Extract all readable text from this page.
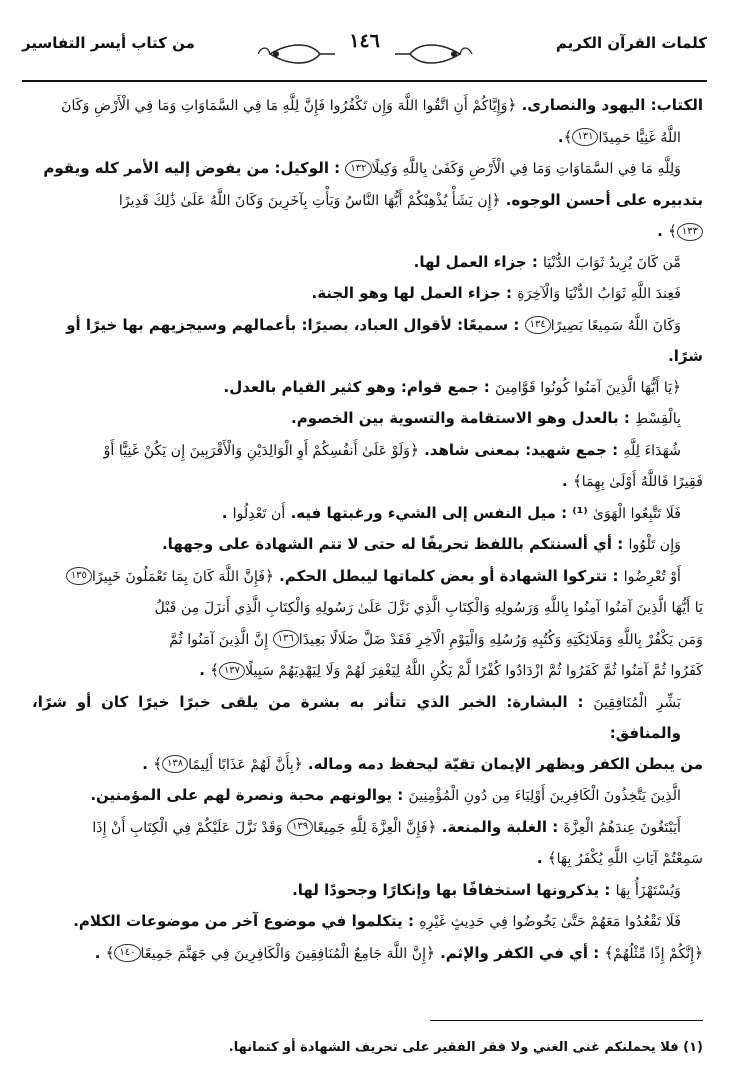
كلمات القرآن الكريم
١٤٦
من كتاب أيسر التفاسير

الكتاب: اليهود والنصارى. ﴿وَإِيَّاكُمْ أَنِ اتَّقُوا اللَّهَ وَإِن تَكْفُرُوا فَإِنَّ لِلَّهِ مَا فِي السَّمَاوَاتِ وَمَا فِي الْأَرْضِ وَكَانَ

اللَّهُ غَنِيًّا حَمِيدًا١٣١﴾.

وَلِلَّهِ مَا فِي السَّمَاوَاتِ وَمَا فِي الْأَرْضِ وَكَفَىٰ بِاللَّهِ وَكِيلًا١٣٢ : الوكيل: من يفوض إليه الأمر كله ويقوم

بتدبيره على أحسن الوجوه. ﴿إِن يَشَأْ يُذْهِبْكُمْ أَيُّهَا النَّاسُ وَيَأْتِ بِآخَرِينَ وَكَانَ اللَّهُ عَلَىٰ ذَٰلِكَ قَدِيرًا

١٣٣﴾ .

مَّن كَانَ يُرِيدُ ثَوَابَ الدُّنْيَا : جزاء العمل لها.

فَعِندَ اللَّهِ ثَوَابُ الدُّنْيَا وَالْآخِرَةِ : جزاء العمل لها وهو الجنة.

وَكَانَ اللَّهُ سَمِيعًا بَصِيرًا١٣٤ : سميعًا: لأقوال العباد، بصيرًا: بأعمالهم وسيجزيهم بها خيرًا أو

شرًا.

﴿يَا أَيُّهَا الَّذِينَ آمَنُوا كُونُوا قَوَّامِينَ : جمع قوام: وهو كثير القيام بالعدل.

بِالْقِسْطِ : بالعدل وهو الاستقامة والتسوية بين الخصوم.

شُهَدَاءَ لِلَّهِ : جمع شهيد: بمعنى شاهد. ﴿وَلَوْ عَلَىٰ أَنفُسِكُمْ أَوِ الْوَالِدَيْنِ وَالْأَقْرَبِينَ إِن يَكُنْ غَنِيًّا أَوْ

فَقِيرًا فَاللَّهُ أَوْلَىٰ بِهِمَا﴾ .

فَلَا تَتَّبِعُوا الْهَوَىٰ ⁽¹⁾ : ميل النفس إلى الشيء ورغبتها فيه. أَن تَعْدِلُوا .

وَإِن تَلْوُوا : أي ألسنتكم باللفظ تحريفًا له حتى لا تتم الشهادة على وجهها.

أَوْ تُعْرِضُوا : تتركوا الشهادة أو بعض كلماتها ليبطل الحكم. ﴿فَإِنَّ اللَّهَ كَانَ بِمَا تَعْمَلُونَ خَبِيرًا١٣٥

يَا أَيُّهَا الَّذِينَ آمَنُوا آمِنُوا بِاللَّهِ وَرَسُولِهِ وَالْكِتَابِ الَّذِي نَزَّلَ عَلَىٰ رَسُولِهِ وَالْكِتَابِ الَّذِي أَنزَلَ مِن قَبْلُ

وَمَن يَكْفُرْ بِاللَّهِ وَمَلَائِكَتِهِ وَكُتُبِهِ وَرُسُلِهِ وَالْيَوْمِ الْآخِرِ فَقَدْ ضَلَّ ضَلَالًا بَعِيدًا١٣٦ إِنَّ الَّذِينَ آمَنُوا ثُمَّ

كَفَرُوا ثُمَّ آمَنُوا ثُمَّ كَفَرُوا ثُمَّ ازْدَادُوا كُفْرًا لَّمْ يَكُنِ اللَّهُ لِيَغْفِرَ لَهُمْ وَلَا لِيَهْدِيَهُمْ سَبِيلًا١٣٧﴾ .

بَشِّرِ الْمُنَافِقِينَ : البشارة: الخبر الذي تتأثر به بشرة من يلقى خبرًا خيرًا كان أو شرًا، والمنافق:

من يبطن الكفر ويظهر الإيمان تقيّة ليحفظ دمه وماله. ﴿بِأَنَّ لَهُمْ عَذَابًا أَلِيمًا١٣٨﴾ .

الَّذِينَ يَتَّخِذُونَ الْكَافِرِينَ أَوْلِيَاءَ مِن دُونِ الْمُؤْمِنِينَ : يوالونهم محبة ونصرة لهم على المؤمنين.

أَيَبْتَغُونَ عِندَهُمُ الْعِزَّةَ : الغلبة والمنعة. ﴿فَإِنَّ الْعِزَّةَ لِلَّهِ جَمِيعًا١٣٩ وَقَدْ نَزَّلَ عَلَيْكُمْ فِي الْكِتَابِ أَنْ إِذَا

سَمِعْتُمْ آيَاتِ اللَّهِ يُكْفَرُ بِهَا﴾ .

وَيُسْتَهْزَأُ بِهَا : يذكرونها استخفافًا بها وإنكارًا وجحودًا لها.

فَلَا تَقْعُدُوا مَعَهُمْ حَتَّىٰ يَخُوضُوا فِي حَدِيثٍ غَيْرِهِ : يتكلموا في موضوع آخر من موضوعات الكلام.

﴿إِنَّكُمْ إِذًا مِّثْلُهُمْ﴾ : أي في الكفر والإثم. ﴿إِنَّ اللَّهَ جَامِعُ الْمُنَافِقِينَ وَالْكَافِرِينَ فِي جَهَنَّمَ جَمِيعًا١٤٠﴾ .

(١) فلا يحملنكم غنى الغني ولا فقر الفقير على تحريف الشهادة أو كتمانها.
